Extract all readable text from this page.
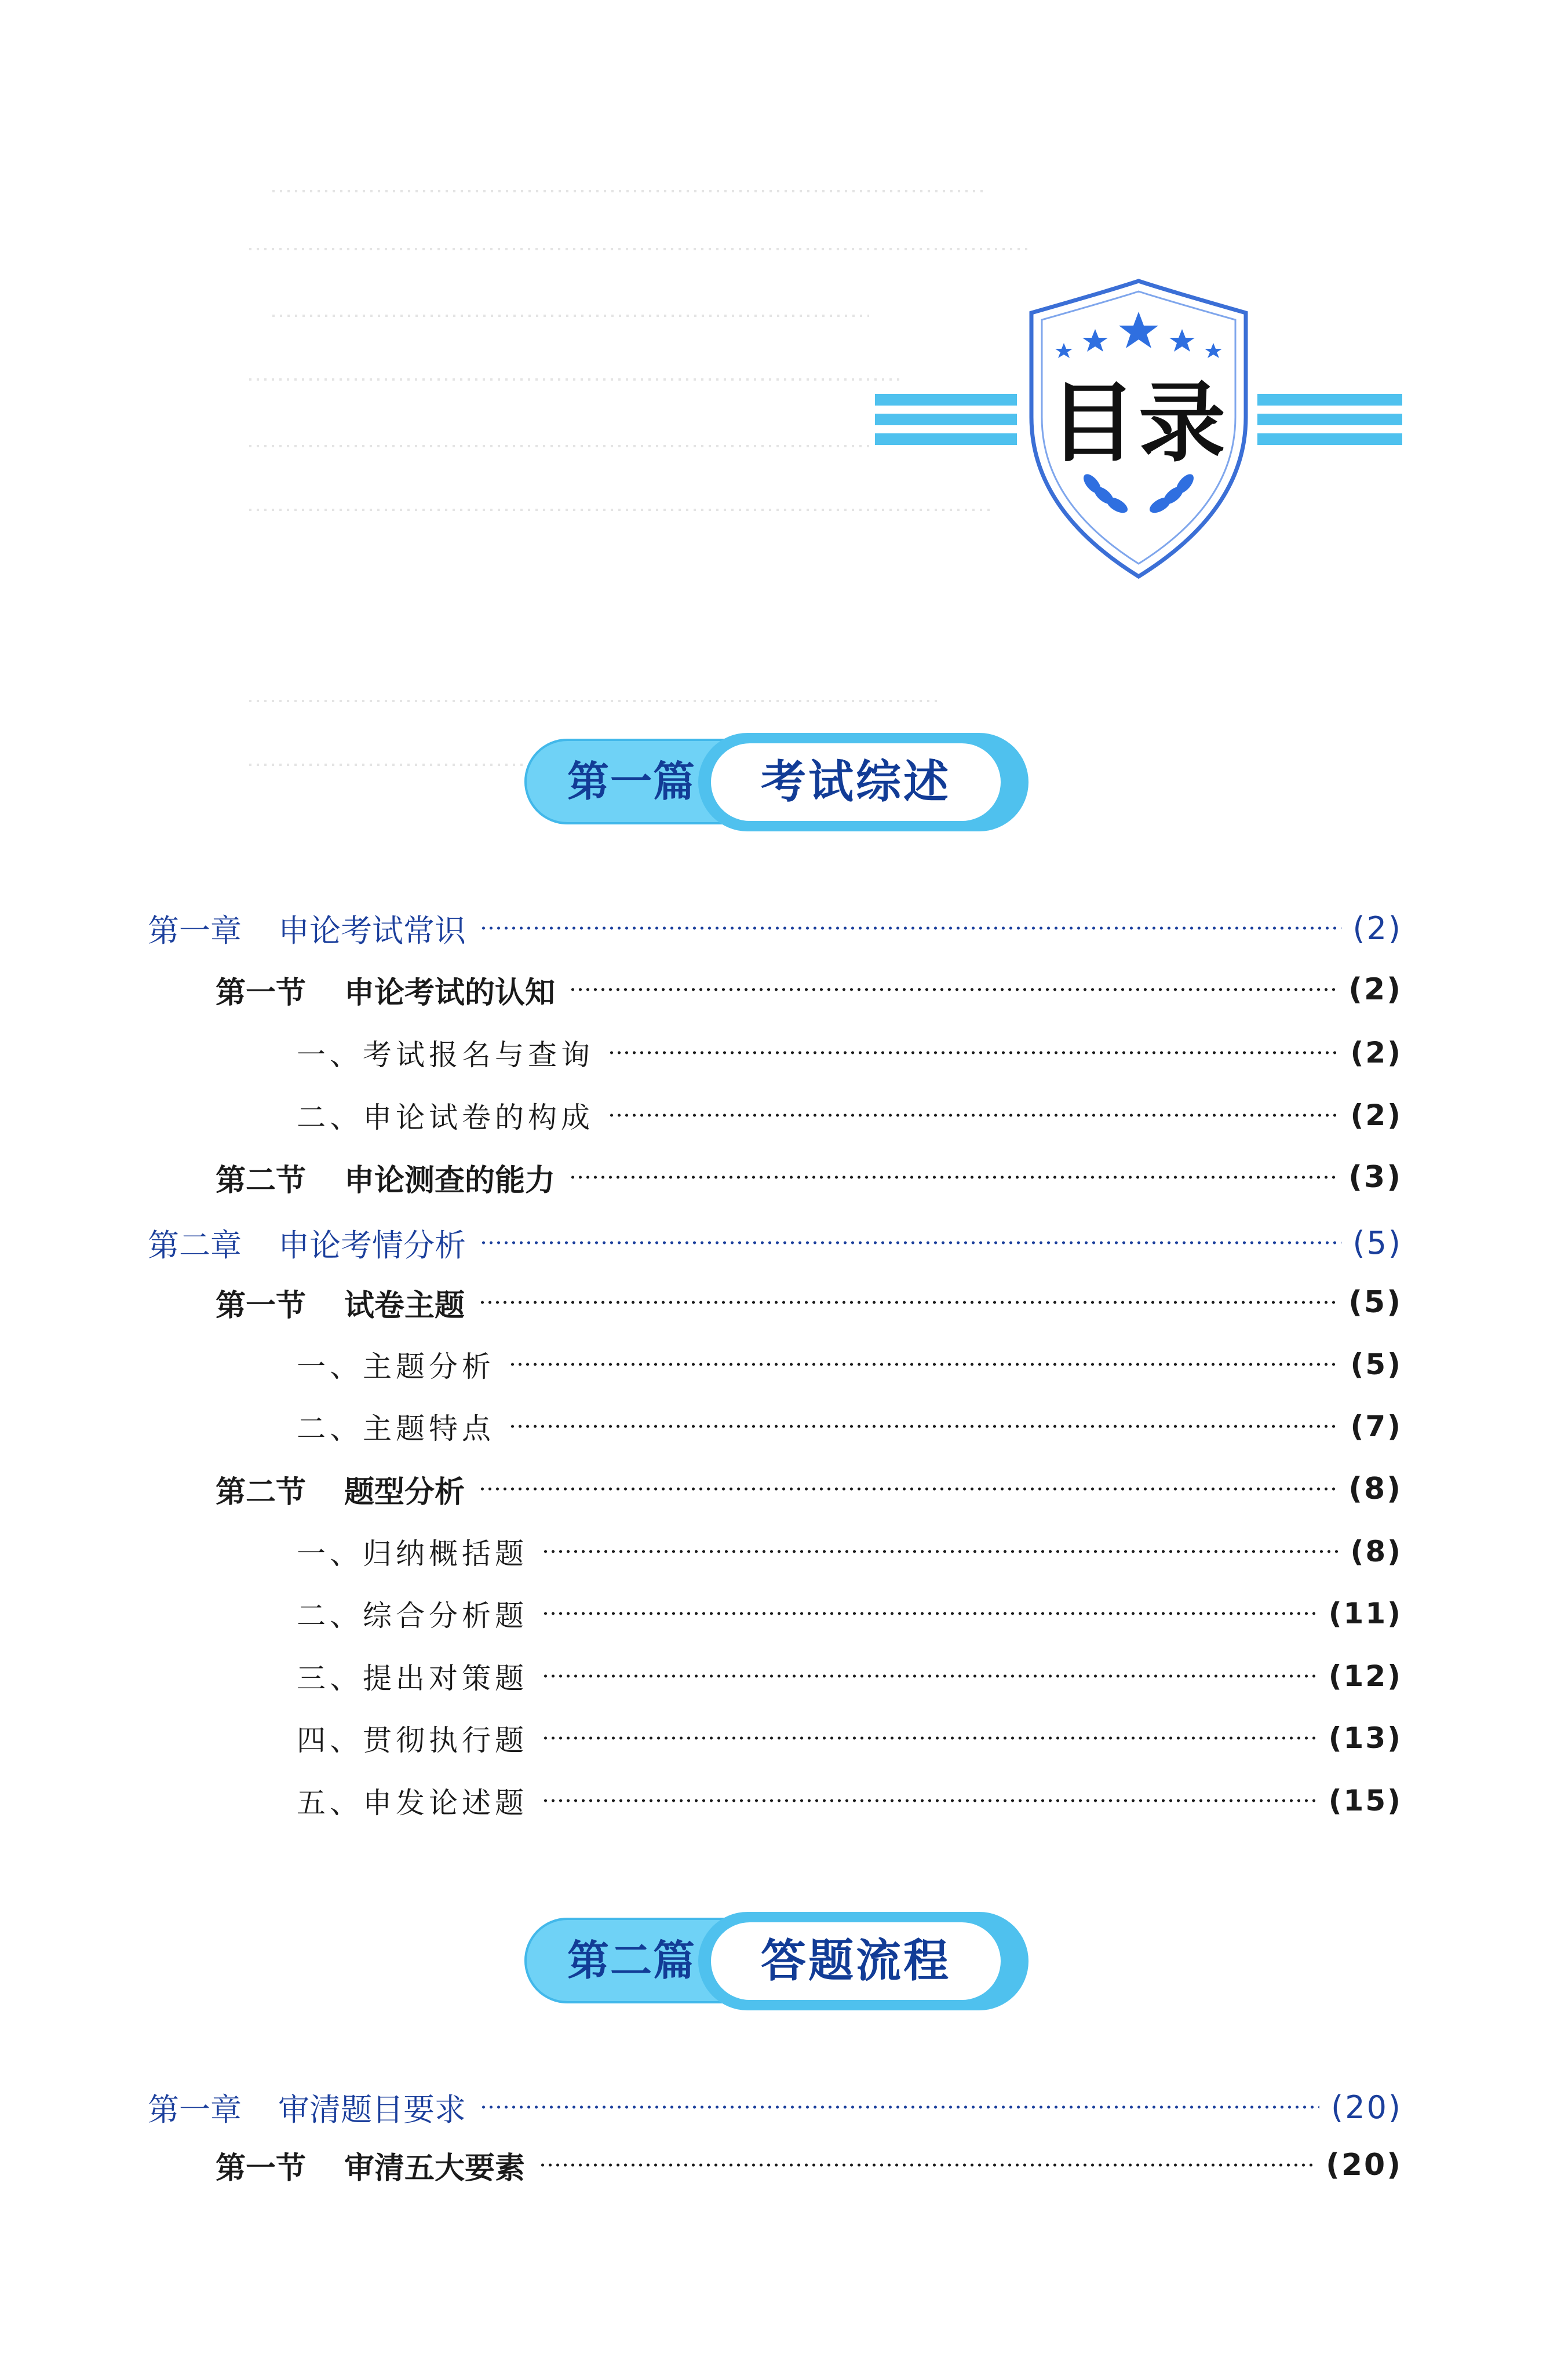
目录
第一篇	考试综述
第一章	申论考试常识	(2)
第一节	申论考试的认知	(2)
一、考试报名与查询	(2)
二、申论试卷的构成	(2)
第二节	申论测查的能力	(3)
第二章	申论考情分析	(5)
第一节	试卷主题	(5)
一、主题分析	(5)
二、主题特点	(7)
第二节	题型分析	(8)
一、归纳概括题	(8)
二、综合分析题	(11)
三、提出对策题	(12)
四、贯彻执行题	(13)
五、申发论述题	(15)
第二篇	答题流程
第一章	审清题目要求	(20)
第一节	审清五大要素	(20)
